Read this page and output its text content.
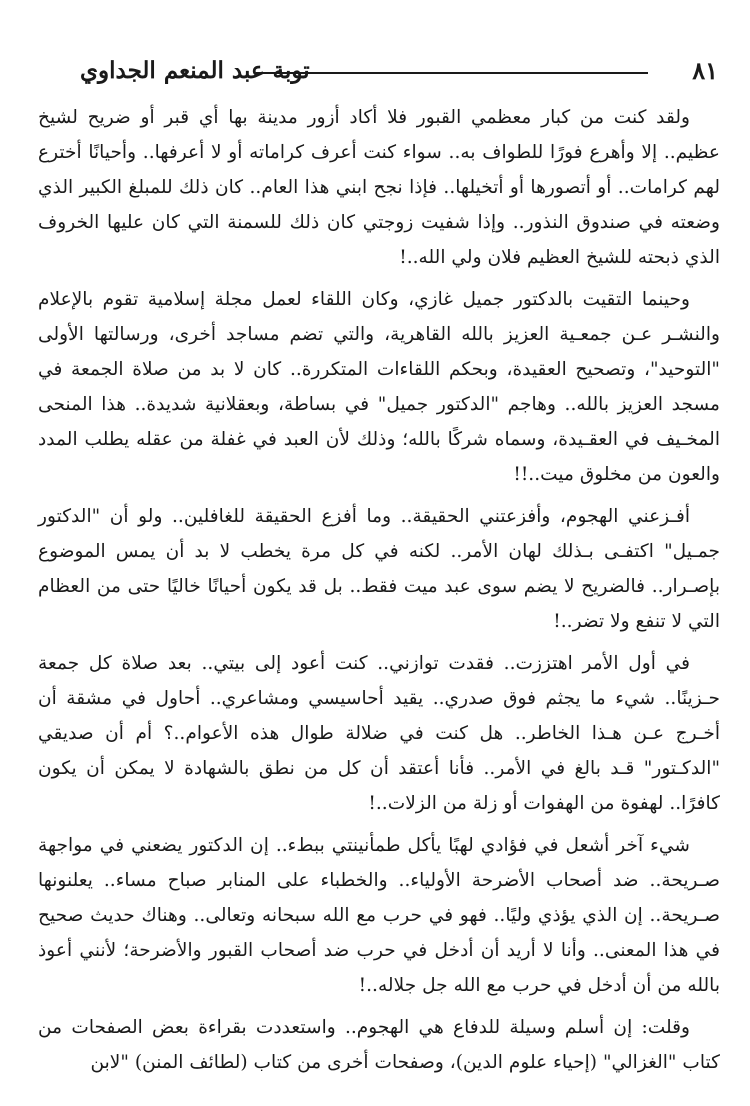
٨١
توبة عبد المنعم الجداوي

ولقد كنت من كبار معظمي القبور فلا أكاد أزور مدينة بها أي قبر أو ضريح لشيخ عظيم.. إلا وأهرع فورًا للطواف به.. سواء كنت أعرف كراماته أو لا أعرفها.. وأحيانًا أخترع لهم كرامات.. أو أتصورها أو أتخيلها.. فإذا نجح ابني هذا العام.. كان ذلك للمبلغ الكبير الذي وضعته في صندوق النذور.. وإذا شفيت زوجتي كان ذلك للسمنة التي كان عليها الخروف الذي ذبحته للشيخ العظيم فلان ولي الله..!

وحينما التقيت بالدكتور جميل غازي، وكان اللقاء لعمل مجلة إسلامية تقوم بالإعلام والنشـر عـن جمعـية العزيز بالله القاهرية، والتي تضم مساجد أخرى، ورسالتها الأولى "التوحيد"، وتصحيح العقيدة، وبحكم اللقاءات المتكررة.. كان لا بد من صلاة الجمعة في مسجد العزيز بالله.. وهاجم "الدكتور جميل" في بساطة، وبعقلانية شديدة.. هذا المنحى المخـيف في العقـيدة، وسماه شركًا بالله؛ وذلك لأن العبد في غفلة من عقله يطلب المدد والعون من مخلوق ميت..!!

أفـزعني الهجوم، وأفزعتني الحقيقة.. وما أفزع الحقيقة للغافلين.. ولو أن "الدكتور جمـيل" اكتفـى بـذلك لهان الأمر.. لكنه في كل مرة يخطب لا بد أن يمس الموضوع بإصـرار.. فالضريح لا يضم سوى عبد ميت فقط.. بل قد يكون أحيانًا خاليًا حتى من العظام التي لا تنفع ولا تضر..!

في أول الأمر اهتززت.. فقدت توازني.. كنت أعود إلى بيتي.. بعد صلاة كل جمعة حـزينًا.. شيء ما يجثم فوق صدري.. يقيد أحاسيسي ومشاعري.. أحاول في مشقة أن أخـرج عـن هـذا الخاطر.. هل كنت في ضلالة طوال هذه الأعوام..؟ أم أن صديقي "الدكـتور" قـد بالغ في الأمر.. فأنا أعتقد أن كل من نطق بالشهادة لا يمكن أن يكون كافرًا.. لهفوة من الهفوات أو زلة من الزلات..!

شيء آخر أشعل في فؤادي لهبًا يأكل طمأنينتي ببطء.. إن الدكتور يضعني في مواجهة صـريحة.. ضد أصحاب الأضرحة الأولياء.. والخطباء على المنابر صباح مساء.. يعلنونها صـريحة.. إن الذي يؤذي وليًا.. فهو في حرب مع الله سبحانه وتعالى.. وهناك حديث صحيح في هذا المعنى.. وأنا لا أريد أن أدخل في حرب ضد أصحاب القبور والأضرحة؛ لأنني أعوذ بالله من أن أدخل في حرب مع الله جل جلاله..!

وقلت: إن أسلم وسيلة للدفاع هي الهجوم.. واستعددت بقراءة بعض الصفحات من كتاب "الغزالي" (إحياء علوم الدين)، وصفحات أخرى من كتاب (لطائف المنن) "لابن
